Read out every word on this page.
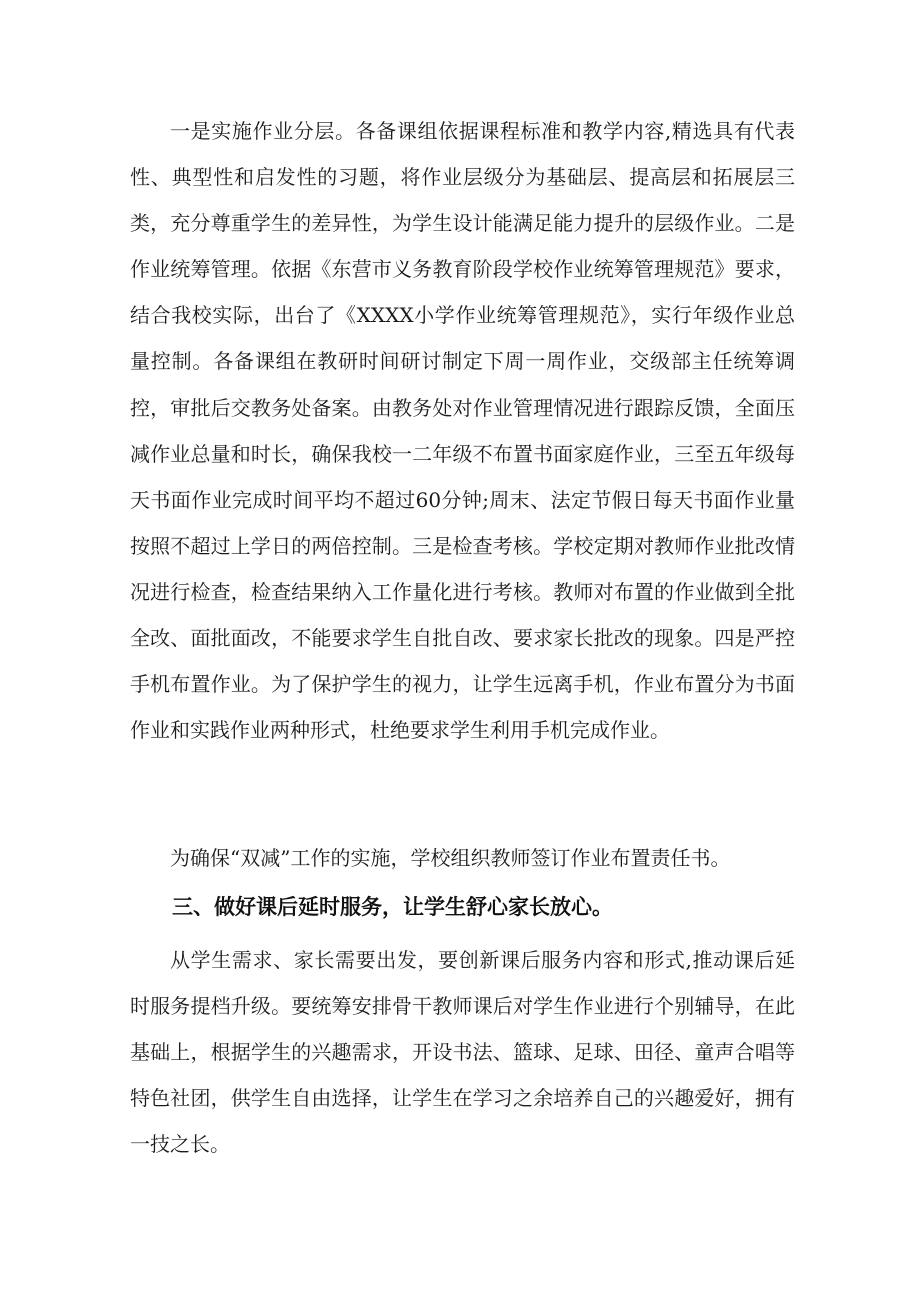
一是实施作业分层。各备课组依据课程标准和教学内容,精选具有代表性、典型性和启发性的习题，将作业层级分为基础层、提高层和拓展层三类，充分尊重学生的差异性，为学生设计能满足能力提升的层级作业。二是作业统筹管理。依据《东营市义务教育阶段学校作业统筹管理规范》要求，结合我校实际，出台了《XXXX小学作业统筹管理规范》，实行年级作业总量控制。各备课组在教研时间研讨制定下周一周作业，交级部主任统筹调控，审批后交教务处备案。由教务处对作业管理情况进行跟踪反馈，全面压减作业总量和时长，确保我校一二年级不布置书面家庭作业，三至五年级每天书面作业完成时间平均不超过60分钟;周末、法定节假日每天书面作业量按照不超过上学日的两倍控制。三是检查考核。学校定期对教师作业批改情况进行检查，检查结果纳入工作量化进行考核。教师对布置的作业做到全批全改、面批面改，不能要求学生自批自改、要求家长批改的现象。四是严控手机布置作业。为了保护学生的视力，让学生远离手机，作业布置分为书面作业和实践作业两种形式，杜绝要求学生利用手机完成作业。

为确保“双减”工作的实施，学校组织教师签订作业布置责任书。

三、做好课后延时服务，让学生舒心家长放心。

从学生需求、家长需要出发，要创新课后服务内容和形式,推动课后延时服务提档升级。要统筹安排骨干教师课后对学生作业进行个别辅导，在此基础上，根据学生的兴趣需求，开设书法、篮球、足球、田径、童声合唱等特色社团，供学生自由选择，让学生在学习之余培养自己的兴趣爱好，拥有一技之长。
